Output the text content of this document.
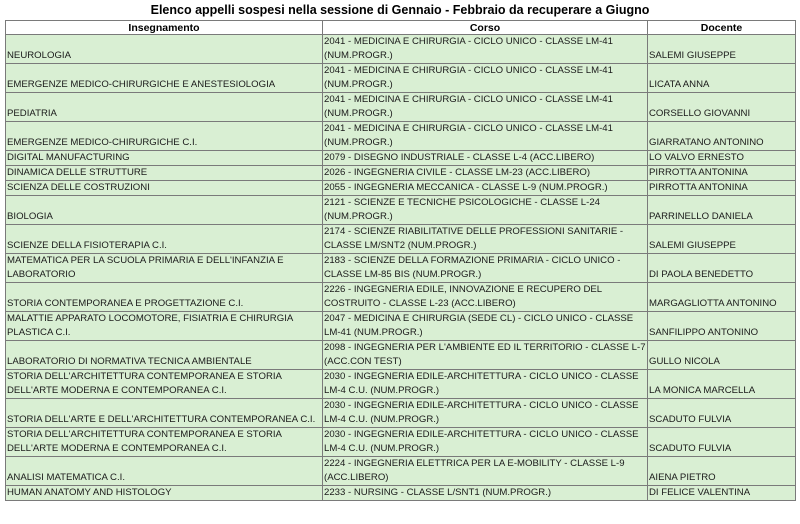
Elenco appelli sospesi nella sessione di Gennaio - Febbraio da recuperare a Giugno
Insegnamento	Corso	Docente
NEUROLOGIA	2041 - MEDICINA E CHIRURGIA - CICLO UNICO - CLASSE LM-41 (NUM.PROGR.)	SALEMI GIUSEPPE
EMERGENZE MEDICO-CHIRURGICHE E ANESTESIOLOGIA	2041 - MEDICINA E CHIRURGIA - CICLO UNICO - CLASSE LM-41 (NUM.PROGR.)	LICATA ANNA
PEDIATRIA	2041 - MEDICINA E CHIRURGIA - CICLO UNICO - CLASSE LM-41 (NUM.PROGR.)	CORSELLO GIOVANNI
EMERGENZE MEDICO-CHIRURGICHE C.I.	2041 - MEDICINA E CHIRURGIA - CICLO UNICO - CLASSE LM-41 (NUM.PROGR.)	GIARRATANO ANTONINO
DIGITAL MANUFACTURING	2079 - DISEGNO INDUSTRIALE - CLASSE L-4 (ACC.LIBERO)	LO VALVO ERNESTO
DINAMICA DELLE STRUTTURE	2026 - INGEGNERIA CIVILE - CLASSE LM-23 (ACC.LIBERO)	PIRROTTA ANTONINA
SCIENZA DELLE COSTRUZIONI	2055 - INGEGNERIA MECCANICA - CLASSE L-9 (NUM.PROGR.)	PIRROTTA ANTONINA
BIOLOGIA	2121 - SCIENZE E TECNICHE PSICOLOGICHE - CLASSE L-24 (NUM.PROGR.)	PARRINELLO DANIELA
SCIENZE DELLA FISIOTERAPIA C.I.	2174 - SCIENZE RIABILITATIVE DELLE PROFESSIONI SANITARIE - CLASSE LM/SNT2 (NUM.PROGR.)	SALEMI GIUSEPPE
MATEMATICA PER LA SCUOLA PRIMARIA E DELL'INFANZIA E LABORATORIO	2183 - SCIENZE DELLA FORMAZIONE PRIMARIA - CICLO UNICO - CLASSE LM-85 BIS (NUM.PROGR.)	DI PAOLA BENEDETTO
STORIA CONTEMPORANEA E PROGETTAZIONE C.I.	2226 - INGEGNERIA EDILE, INNOVAZIONE E RECUPERO DEL COSTRUITO - CLASSE L-23 (ACC.LIBERO)	MARGAGLIOTTA ANTONINO
MALATTIE APPARATO LOCOMOTORE, FISIATRIA E CHIRURGIA PLASTICA C.I.	2047 - MEDICINA E CHIRURGIA (SEDE CL) - CICLO UNICO - CLASSE LM-41 (NUM.PROGR.)	SANFILIPPO ANTONINO
LABORATORIO DI NORMATIVA TECNICA AMBIENTALE	2098 - INGEGNERIA PER L'AMBIENTE ED IL TERRITORIO - CLASSE L-7 (ACC.CON TEST)	GULLO NICOLA
STORIA DELL'ARCHITETTURA CONTEMPORANEA E STORIA DELL'ARTE MODERNA E CONTEMPORANEA C.I.	2030 - INGEGNERIA EDILE-ARCHITETTURA - CICLO UNICO - CLASSE LM-4 C.U. (NUM.PROGR.)	LA MONICA MARCELLA
STORIA DELL'ARTE E DELL'ARCHITETTURA CONTEMPORANEA C.I.	2030 - INGEGNERIA EDILE-ARCHITETTURA - CICLO UNICO - CLASSE LM-4 C.U. (NUM.PROGR.)	SCADUTO FULVIA
STORIA DELL'ARCHITETTURA CONTEMPORANEA E STORIA DELL'ARTE MODERNA E CONTEMPORANEA C.I.	2030 - INGEGNERIA EDILE-ARCHITETTURA - CICLO UNICO - CLASSE LM-4 C.U. (NUM.PROGR.)	SCADUTO FULVIA
ANALISI MATEMATICA C.I.	2224 - INGEGNERIA ELETTRICA PER LA E-MOBILITY - CLASSE L-9 (ACC.LIBERO)	AIENA PIETRO
HUMAN ANATOMY AND HISTOLOGY	2233 - NURSING - CLASSE L/SNT1 (NUM.PROGR.)	DI FELICE VALENTINA
